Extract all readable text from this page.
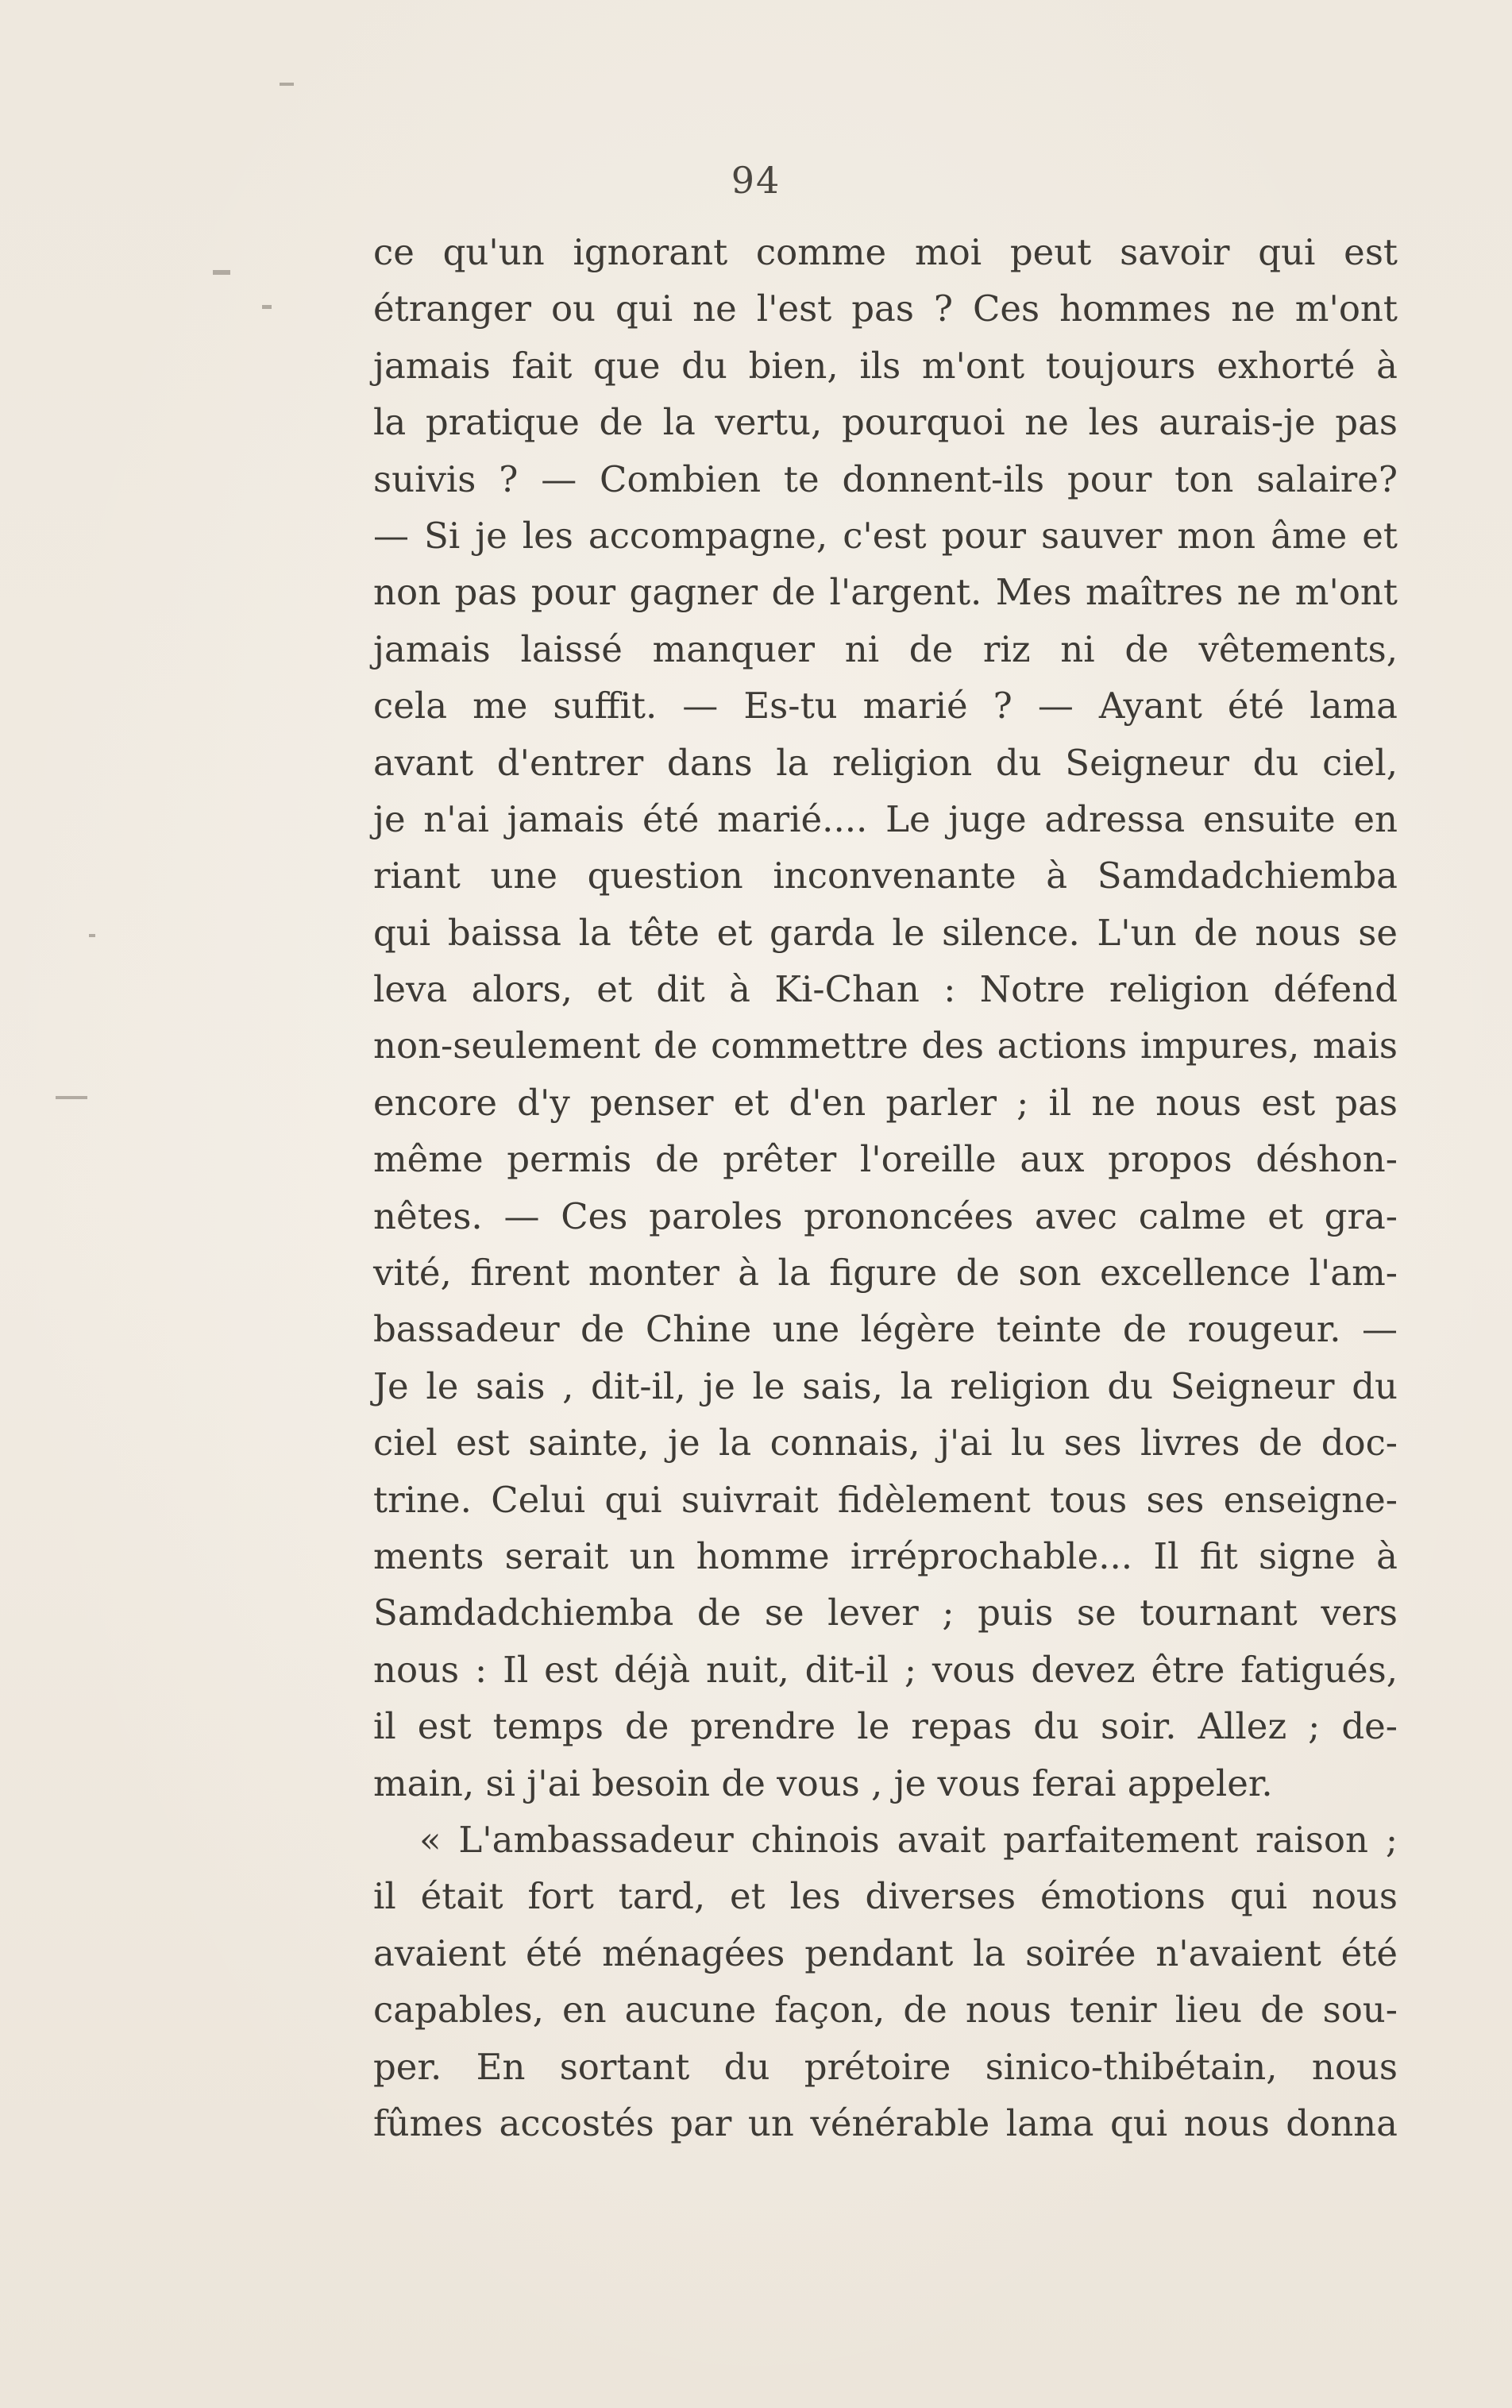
94
ce qu'un ignorant comme moi peut savoir qui est
étranger ou qui ne l'est pas ? Ces hommes ne m'ont
jamais fait que du bien, ils m'ont toujours exhorté à
la pratique de la vertu, pourquoi ne les aurais-je pas
suivis ? — Combien te donnent-ils pour ton salaire?
— Si je les accompagne, c'est pour sauver mon âme et
non pas pour gagner de l'argent. Mes maîtres ne m'ont
jamais laissé manquer ni de riz ni de vêtements,
cela me suffit. — Es-tu marié ? — Ayant été lama
avant d'entrer dans la religion du Seigneur du ciel,
je n'ai jamais été marié.... Le juge adressa ensuite en
riant une question inconvenante à Samdadchiemba
qui baissa la tête et garda le silence. L'un de nous se
leva alors, et dit à Ki-Chan : Notre religion défend
non-seulement de commettre des actions impures, mais
encore d'y penser et d'en parler ; il ne nous est pas
même permis de prêter l'oreille aux propos déshon-
nêtes. — Ces paroles prononcées avec calme et gra-
vité, firent monter à la figure de son excellence l'am-
bassadeur de Chine une légère teinte de rougeur. —
Je le sais , dit-il, je le sais, la religion du Seigneur du
ciel est sainte, je la connais, j'ai lu ses livres de doc-
trine. Celui qui suivrait fidèlement tous ses enseigne-
ments serait un homme irréprochable... Il fit signe à
Samdadchiemba de se lever ; puis se tournant vers
nous : Il est déjà nuit, dit-il ; vous devez être fatigués,
il est temps de prendre le repas du soir. Allez ; de-
main, si j'ai besoin de vous , je vous ferai appeler.
« L'ambassadeur chinois avait parfaitement raison ;
il était fort tard, et les diverses émotions qui nous
avaient été ménagées pendant la soirée n'avaient été
capables, en aucune façon, de nous tenir lieu de sou-
per. En sortant du prétoire sinico-thibétain, nous
fûmes accostés par un vénérable lama qui nous donna
